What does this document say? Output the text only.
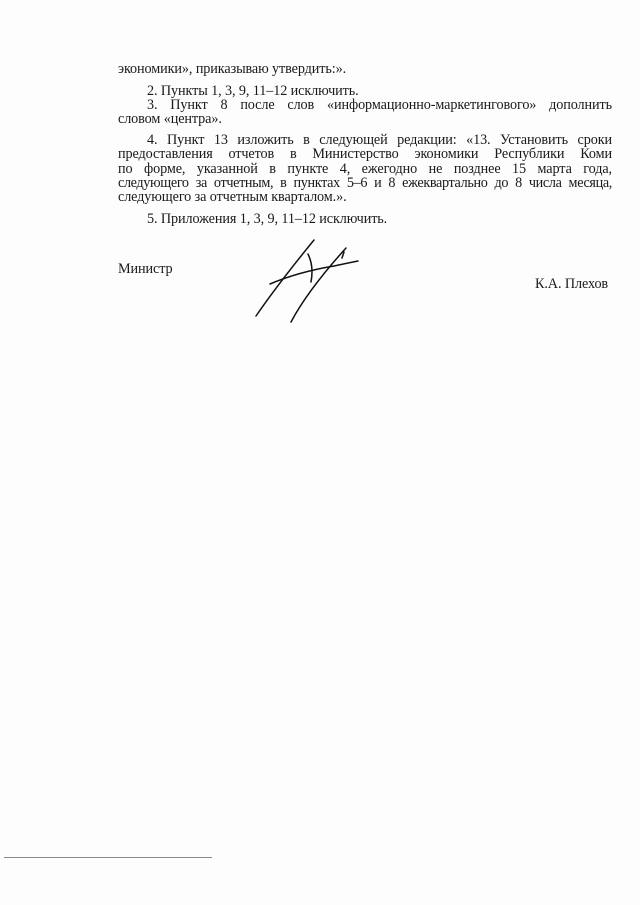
экономики», приказываю утвердить:».
2. Пункты 1, 3, 9, 11–12 исключить.
3. Пункт 8 после слов «информационно-маркетингового» дополнить
словом «центра».
4. Пункт 13 изложить в следующей редакции: «13. Установить сроки
предоставления отчетов в Министерство экономики Республики Коми
по форме, указанной в пункте 4, ежегодно не позднее 15 марта года,
следующего за отчетным, в пунктах 5–6 и 8 ежеквартально до 8 числа месяца,
следующего за отчетным кварталом.».
5. Приложения 1, 3, 9, 11–12 исключить.
Министр
К.А. Плехов
